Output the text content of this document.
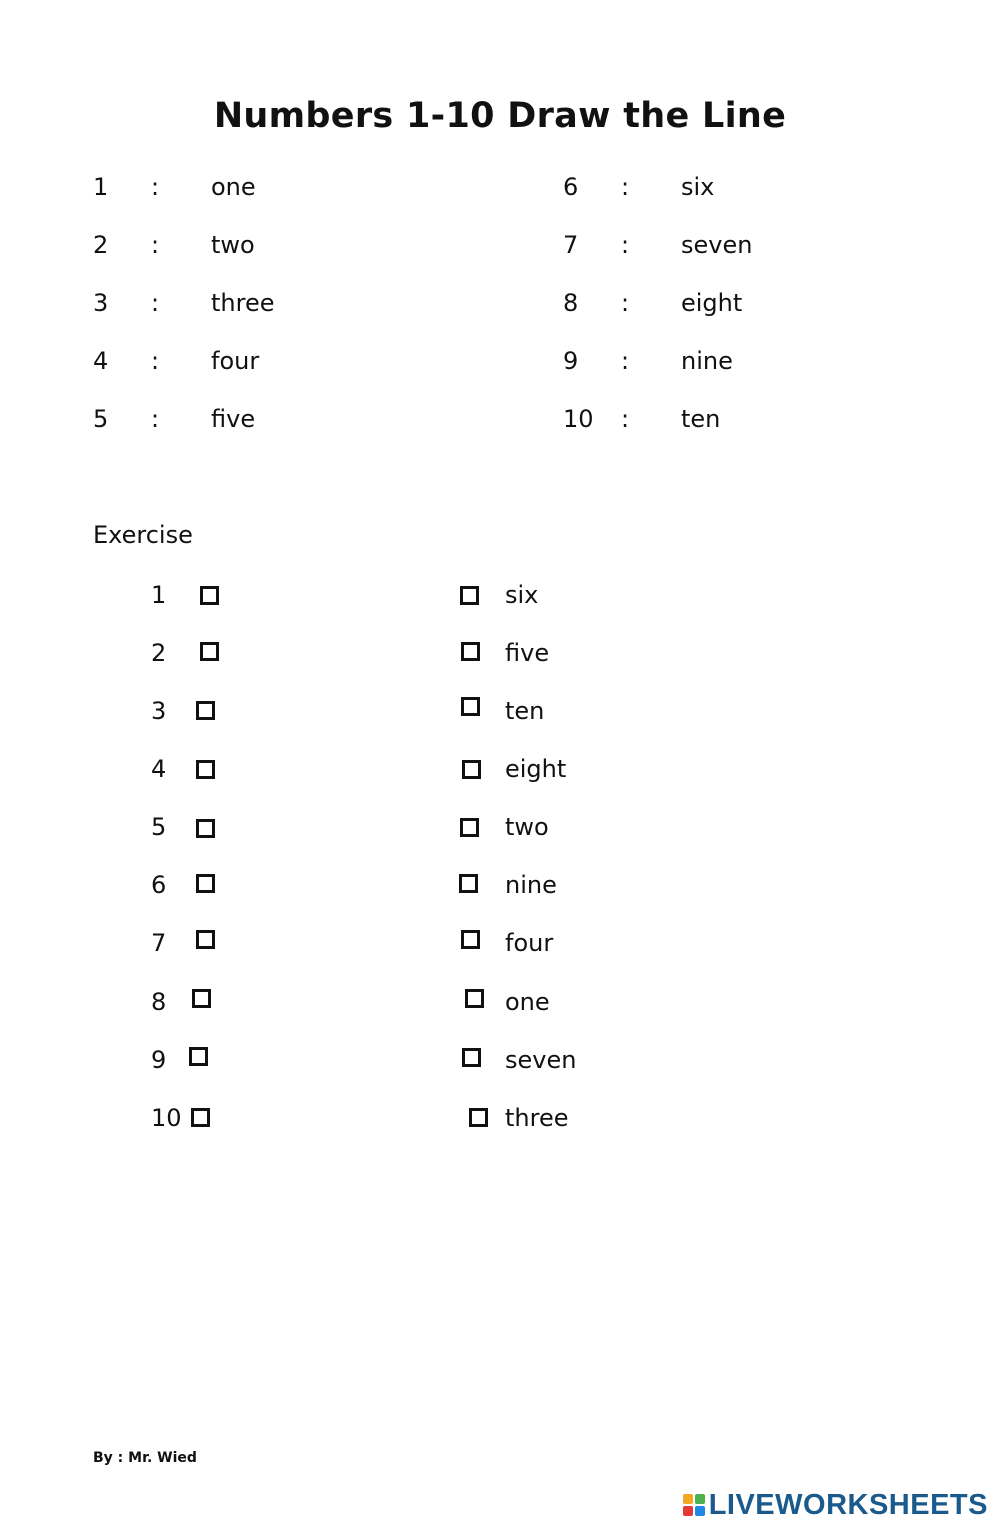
Numbers 1-10 Draw the Line
1 : one
2 : two
3 : three
4 : four
5 : five
6 : six
7 : seven
8 : eight
9 : nine
10 : ten
Exercise
1	six
2	five
3	ten
4	eight
5	two
6	nine
7	four
8	one
9	seven
10	three
By : Mr. Wied
LIVEWORKSHEETS
